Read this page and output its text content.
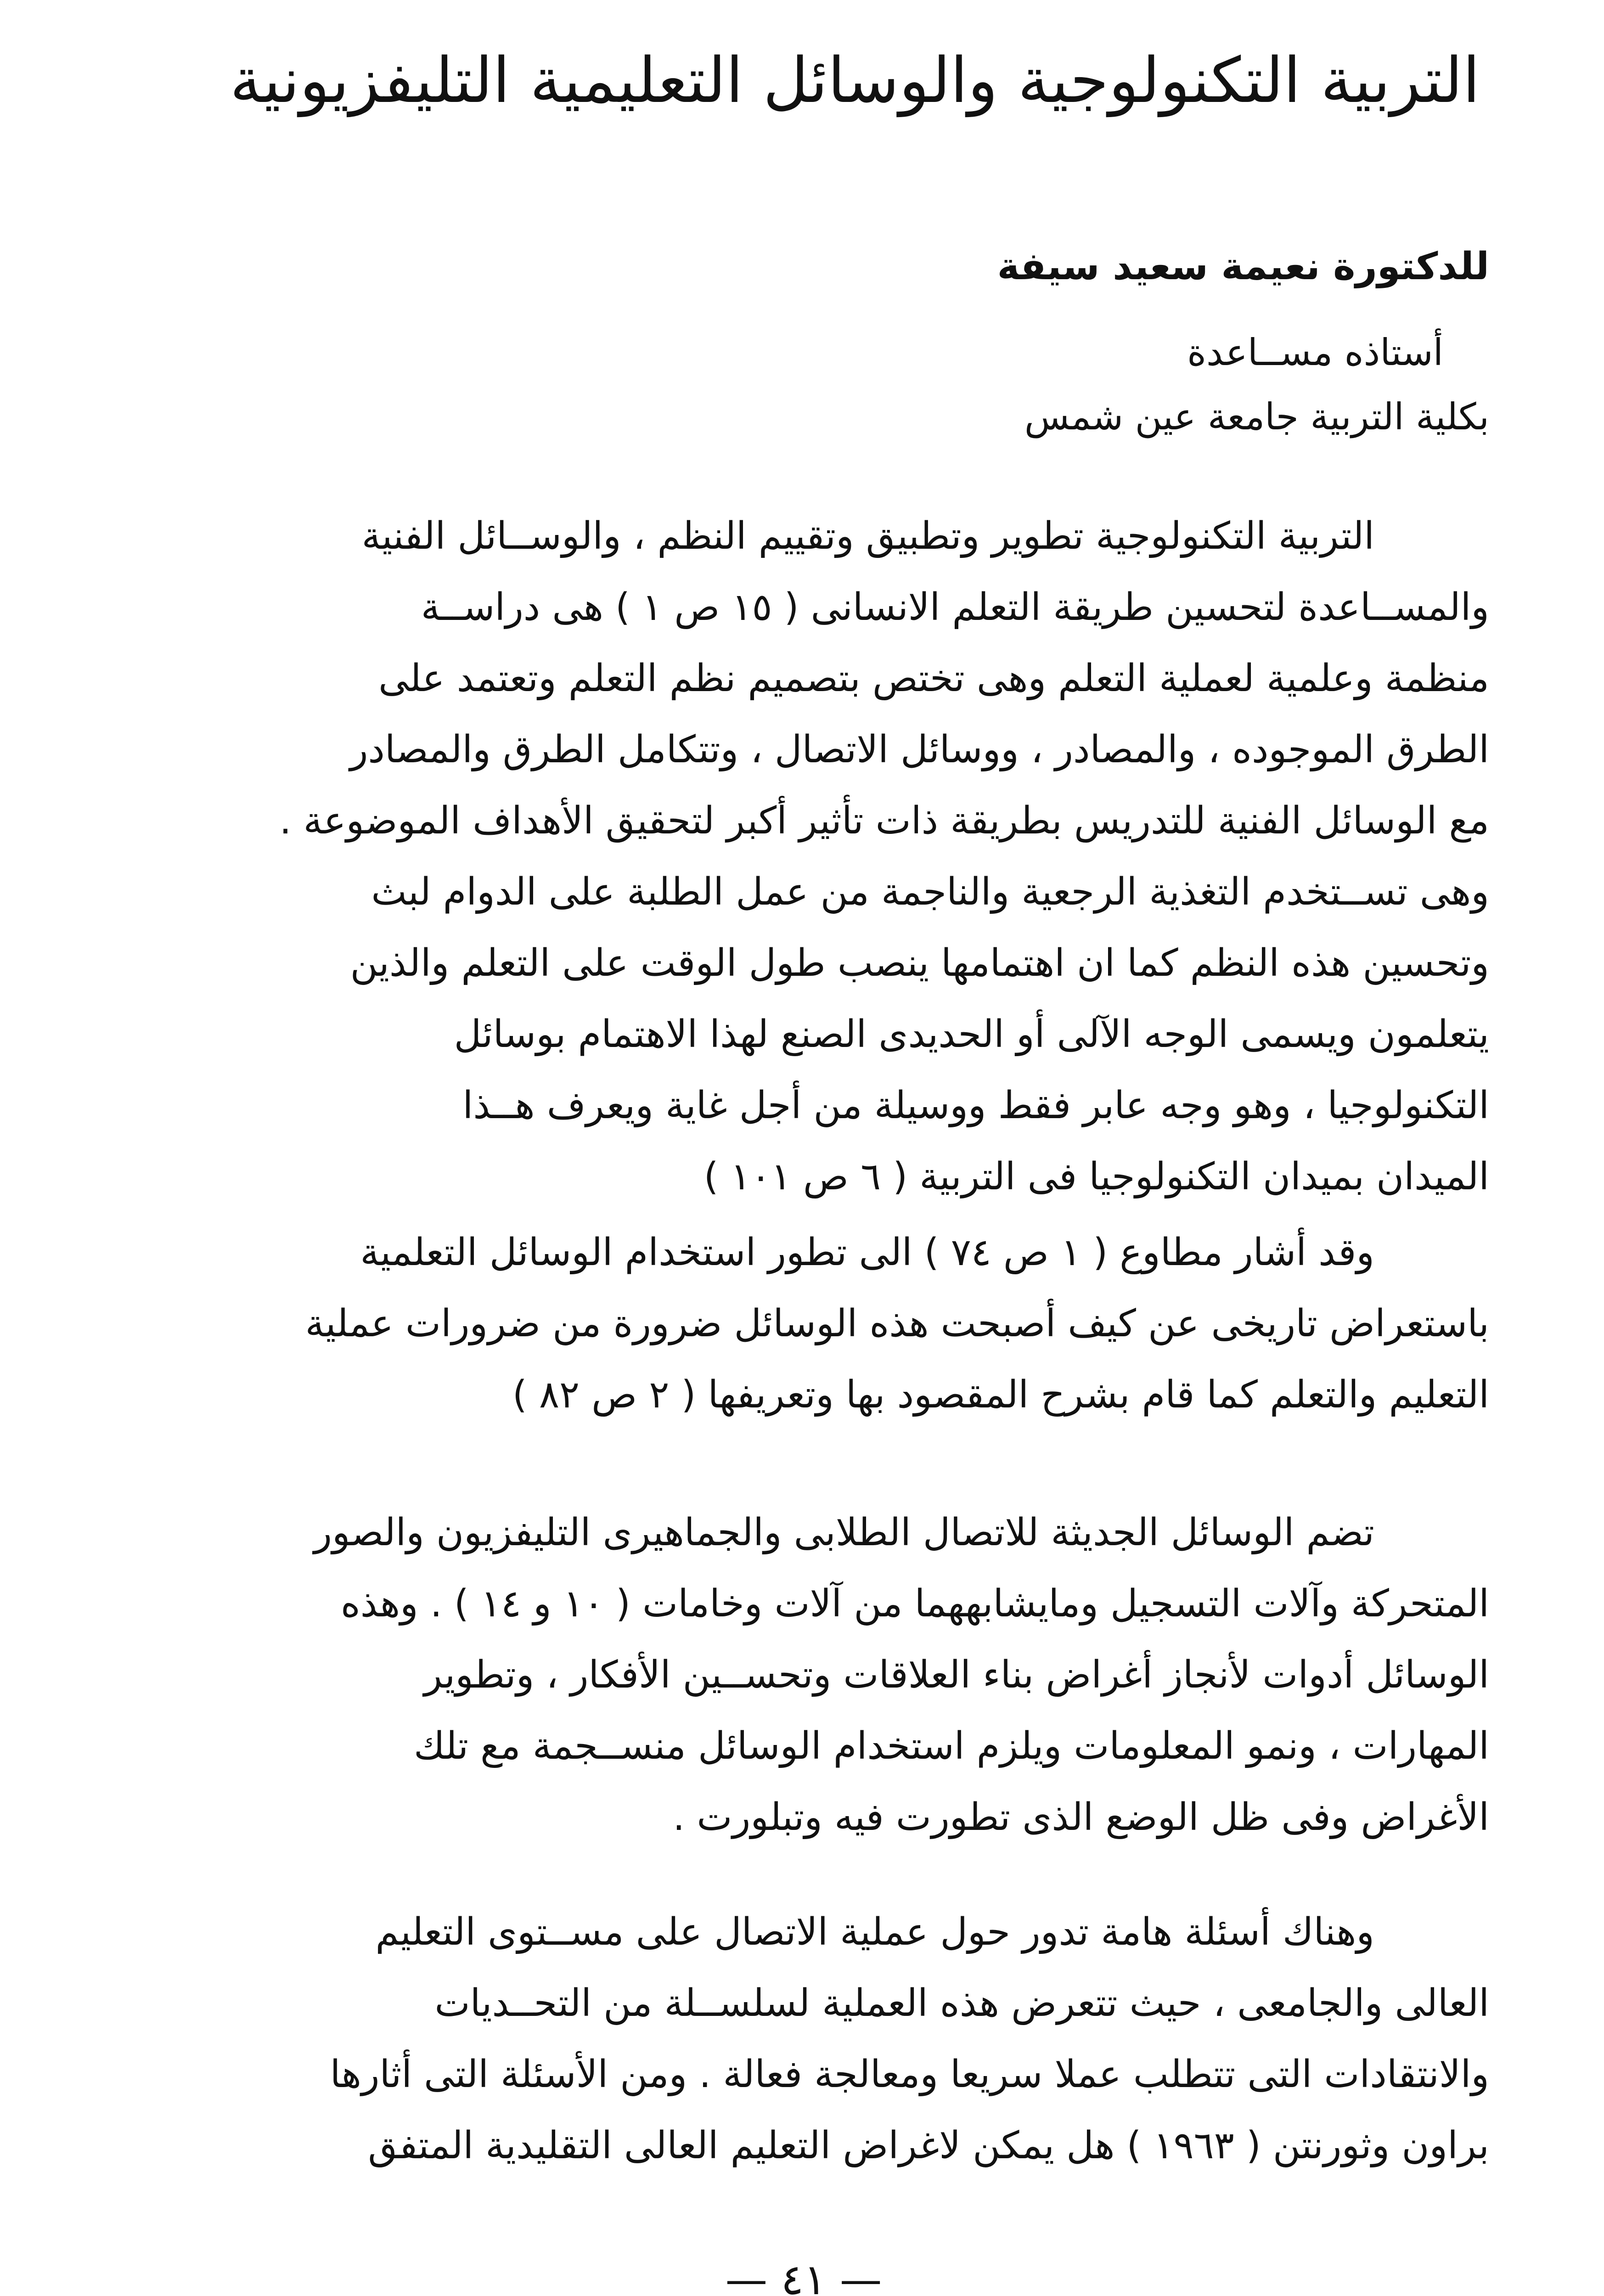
التربية التكنولوجية والوسائل التعليمية التليفزيونية
للدكتورة نعيمة سعيد سيفة
أستاذه مســاعدة
بكلية التربية جامعة عين شمس
التربية التكنولوجية تطوير وتطبيق وتقييم النظم ، والوســائل الفنية
والمســاعدة لتحسين طريقة التعلم الانسانى ( ١٥ ص ١ ) هى دراســة
منظمة وعلمية لعملية التعلم وهى تختص بتصميم نظم التعلم وتعتمد على
الطرق الموجوده ، والمصادر ، ووسائل الاتصال ، وتتكامل الطرق والمصادر
مع الوسائل الفنية للتدريس بطريقة ذات تأثير أكبر لتحقيق الأهداف الموضوعة .
وهى تســتخدم التغذية الرجعية والناجمة من عمل الطلبة على الدوام لبث
وتحسين هذه النظم كما ان اهتمامها ينصب طول الوقت على التعلم والذين
يتعلمون ويسمى الوجه الآلى أو الحديدى الصنع لهذا الاهتمام بوسائل
التكنولوجيا ، وهو وجه عابر فقط ووسيلة من أجل غاية ويعرف هــذا
الميدان بميدان التكنولوجيا فى التربية ( ٦ ص ١٠١ )
وقد أشار مطاوع ( ١ ص ٧٤ ) الى تطور استخدام الوسائل التعلمية
باستعراض تاريخى عن كيف أصبحت هذه الوسائل ضرورة من ضرورات عملية
التعليم والتعلم كما قام بشرح المقصود بها وتعريفها ( ٢ ص ٨٢ )
تضم الوسائل الجديثة للاتصال الطلابى والجماهيرى التليفزيون والصور
المتحركة وآلات التسجيل ومايشابههما من آلات وخامات ( ١٠ و ١٤ ) . وهذه
الوسائل أدوات لأنجاز أغراض بناء العلاقات وتحســين الأفكار ، وتطوير
المهارات ، ونمو المعلومات ويلزم استخدام الوسائل منســجمة مع تلك
الأغراض وفى ظل الوضع الذى تطورت فيه وتبلورت .
وهناك أسئلة هامة تدور حول عملية الاتصال على مســتوى التعليم
العالى والجامعى ، حيث تتعرض هذه العملية لسلســلة من التحــديات
والانتقادات التى تتطلب عملا سريعا ومعالجة فعالة . ومن الأسئلة التى أثارها
براون وثورنتن ( ١٩٦٣ ) هل يمكن لاغراض التعليم العالى التقليدية المتفق
— ٤١ —
